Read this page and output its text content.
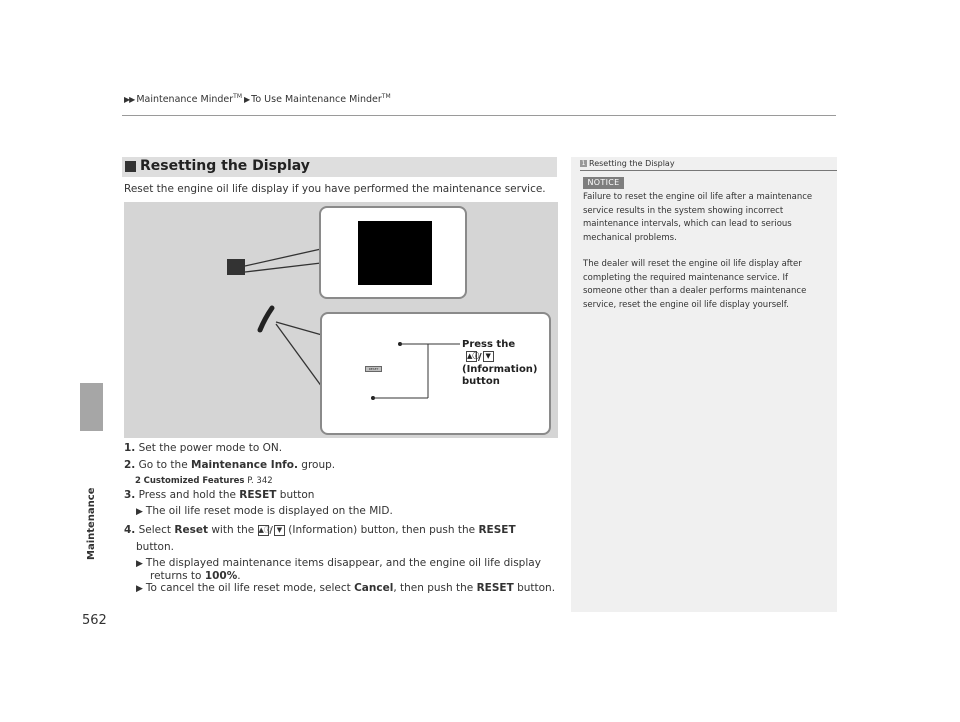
▶▶ Maintenance Minder™ ▶To Use Maintenance Minder™
Maintenance
562
Resetting the Display
Reset the engine oil life display if you have performed the maintenance service.
RESET
Press the
▲ⓘ/ ▼
(Information)
button
1. Set the power mode to ON.
2. Go to the Maintenance Info. group.
2 Customized Features P. 342
3. Press and hold the RESET button
▶ The oil life reset mode is displayed on the MID.
4. Select Reset with the ▲ⓘ/ ▼ (Information) button, then push the RESET
button.
▶ The displayed maintenance items disappear, and the engine oil life display
returns to 100%.
▶ To cancel the oil life reset mode, select Cancel, then push the RESET button.
1 Resetting the Display
NOTICE
Failure to reset the engine oil life after a maintenance
service results in the system showing incorrect
maintenance intervals, which can lead to serious
mechanical problems.
The dealer will reset the engine oil life display after
completing the required maintenance service. If
someone other than a dealer performs maintenance
service, reset the engine oil life display yourself.
